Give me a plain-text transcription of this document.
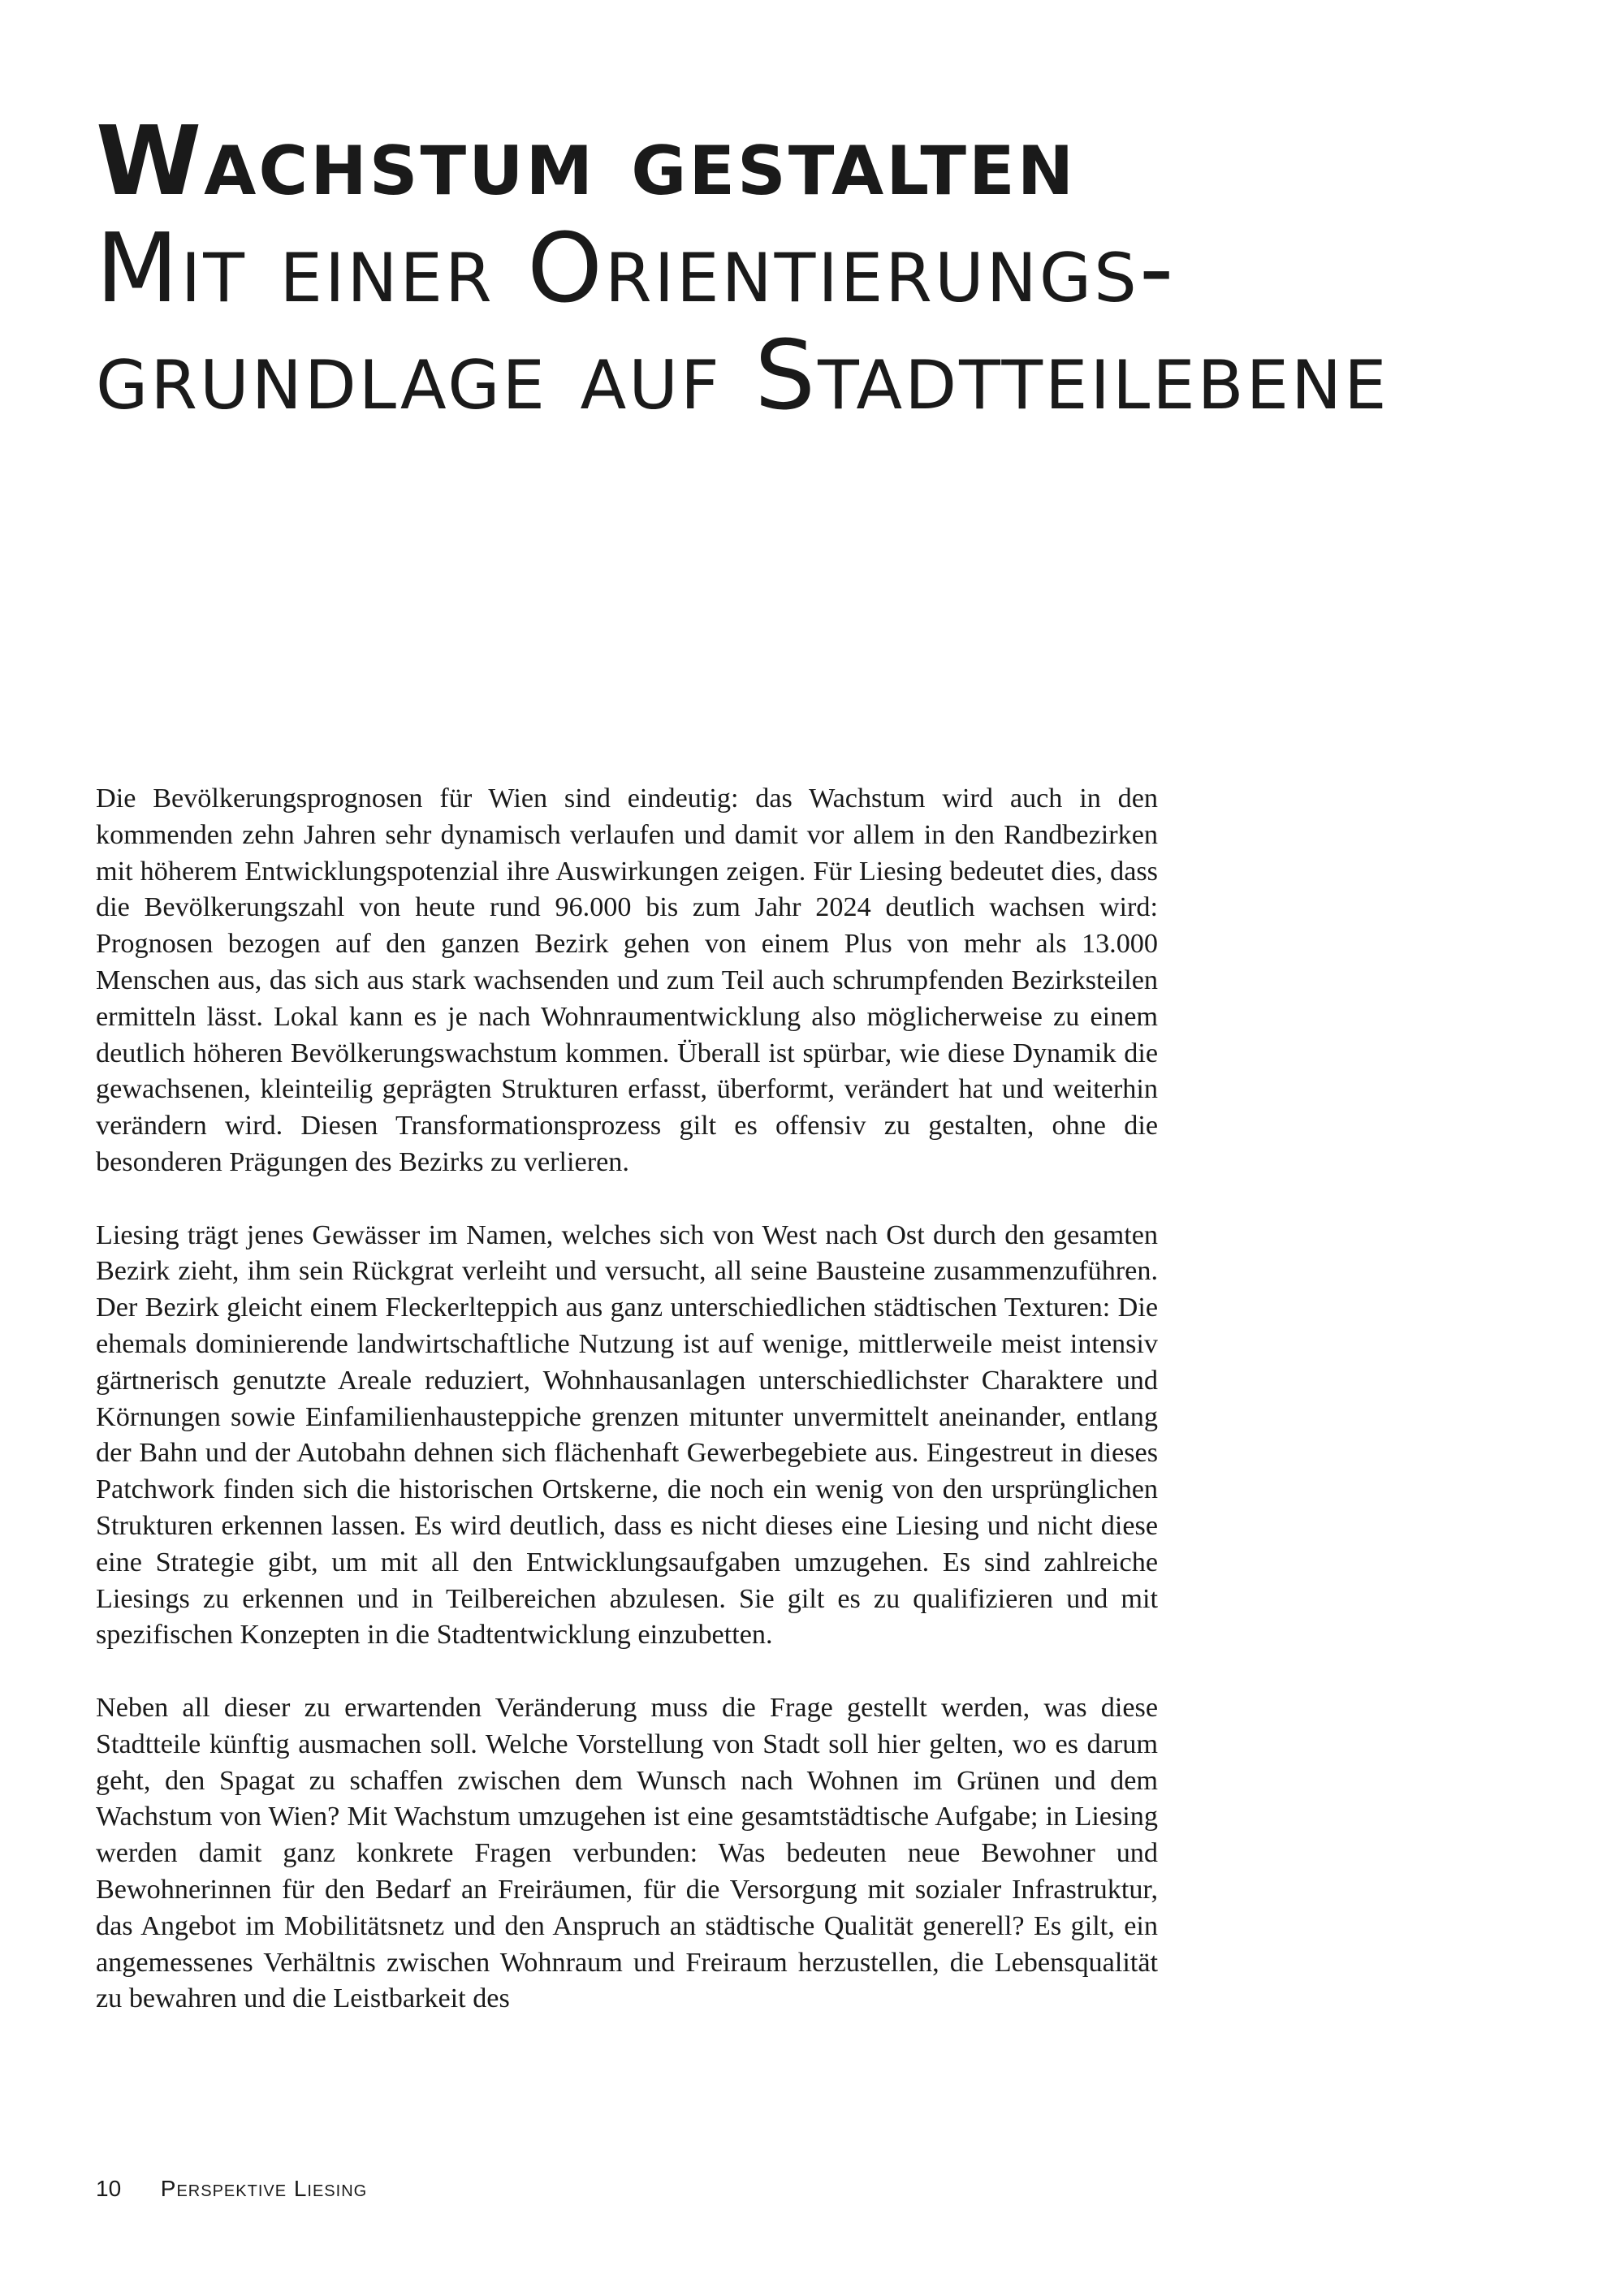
Wachstum gestalten
Mit einer Orientierungs-
grundlage auf Stadtteilebene

Die Bevölkerungsprognosen für Wien sind eindeutig: das Wachstum wird auch in den kommenden zehn Jahren sehr dynamisch verlaufen und damit vor allem in den Randbezirken mit höherem Entwicklungspotenzial ihre Auswirkungen zeigen. Für Liesing bedeutet dies, dass die Bevölkerungszahl von heute rund 96.000 bis zum Jahr 2024 deutlich wachsen wird: Prognosen bezogen auf den ganzen Bezirk gehen von einem Plus von mehr als 13.000 Menschen aus, das sich aus stark wachsenden und zum Teil auch schrumpfenden Bezirksteilen ermitteln lässt. Lokal kann es je nach Wohnraumentwicklung also möglicherweise zu einem deutlich höheren Bevölkerungswachstum kommen. Überall ist spürbar, wie diese Dynamik die gewachsenen, kleinteilig geprägten Strukturen erfasst, überformt, verändert hat und weiterhin verändern wird. Diesen Transformationsprozess gilt es offensiv zu gestalten, ohne die besonderen Prägungen des Bezirks zu verlieren.

Liesing trägt jenes Gewässer im Namen, welches sich von West nach Ost durch den gesamten Bezirk zieht, ihm sein Rückgrat verleiht und versucht, all seine Bausteine zusammenzuführen. Der Bezirk gleicht einem Fleckerlteppich aus ganz unterschiedlichen städtischen Texturen: Die ehemals dominierende landwirtschaftliche Nutzung ist auf wenige, mittlerweile meist intensiv gärtnerisch genutzte Areale reduziert, Wohnhausanlagen unterschiedlichster Charaktere und Körnungen sowie Einfamilienhausteppiche grenzen mitunter unvermittelt aneinander, entlang der Bahn und der Autobahn dehnen sich flächenhaft Gewerbegebiete aus. Eingestreut in dieses Patchwork finden sich die historischen Ortskerne, die noch ein wenig von den ursprünglichen Strukturen erkennen lassen. Es wird deutlich, dass es nicht dieses eine Liesing und nicht diese eine Strategie gibt, um mit all den Entwicklungsaufgaben umzugehen. Es sind zahlreiche Liesings zu erkennen und in Teilbereichen abzulesen. Sie gilt es zu qualifizieren und mit spezifischen Konzepten in die Stadtentwicklung einzubetten.

Neben all dieser zu erwartenden Veränderung muss die Frage gestellt werden, was diese Stadtteile künftig ausmachen soll. Welche Vorstellung von Stadt soll hier gelten, wo es darum geht, den Spagat zu schaffen zwischen dem Wunsch nach Wohnen im Grünen und dem Wachstum von Wien? Mit Wachstum umzugehen ist eine gesamtstädtische Aufgabe; in Liesing werden damit ganz konkrete Fragen verbunden: Was bedeuten neue Bewohner und Bewohnerinnen für den Bedarf an Freiräumen, für die Versorgung mit sozialer Infrastruktur, das Angebot im Mobilitätsnetz und den Anspruch an städtische Qualität generell? Es gilt, ein angemessenes Verhältnis zwischen Wohnraum und Freiraum herzustellen, die Lebensqualität zu bewahren und die Leistbarkeit des

10 Perspektive Liesing
